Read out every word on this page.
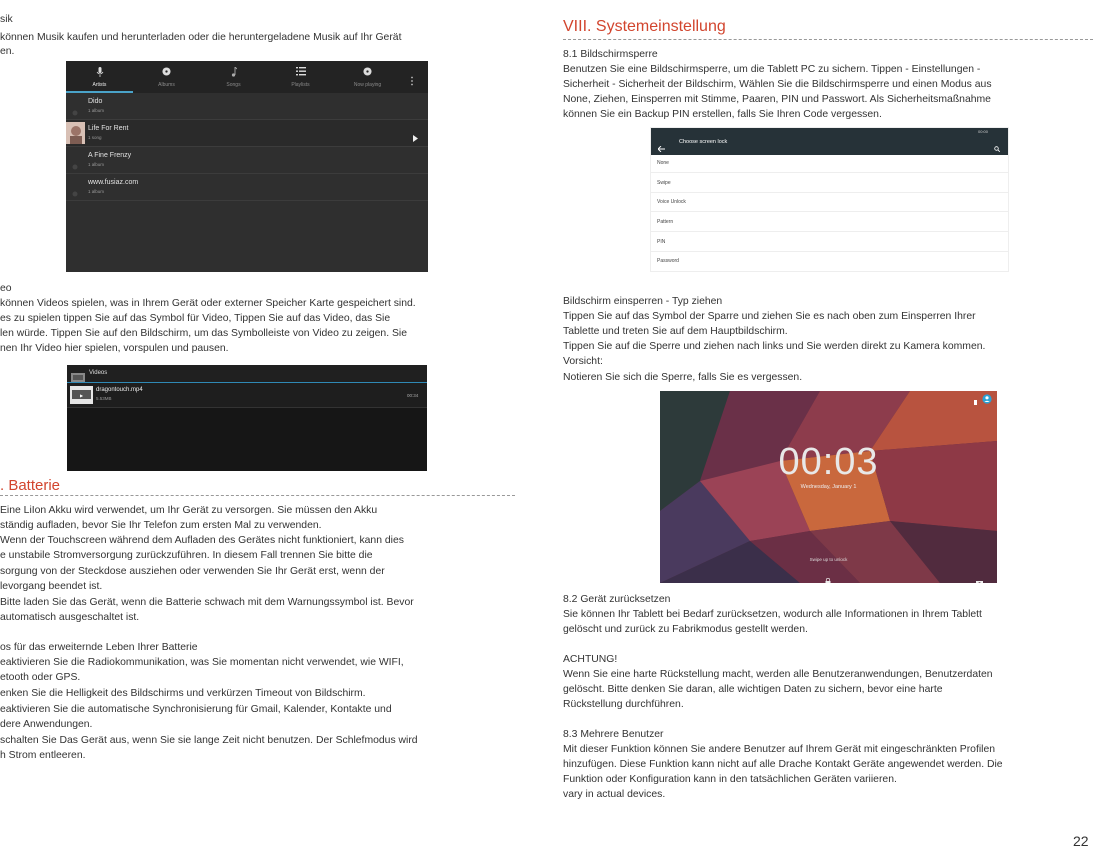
sik
können Musik kaufen und herunterladen oder die heruntergeladene Musik auf Ihr Gerät
en.
Artists	Albums	Songs	Playlists	Now playing
Dido
1 album
Life For Rent
1 song
A Fine Frenzy
1 album
www.fusiaz.com
1 album
eo
können Videos spielen, was in Ihrem Gerät oder externer Speicher Karte gespeichert sind.
es zu spielen tippen Sie auf das Symbol für Video, Tippen Sie auf das Video, das Sie
len würde. Tippen Sie auf den Bildschirm, um das Symbolleiste von Video zu zeigen. Sie
nen Ihr Video hier spielen, vorspulen und pausen.
Videos
▶
dragontouch.mp4
5.53MB
00:34
. Batterie
Eine LiIon Akku wird verwendet, um Ihr Gerät zu versorgen. Sie müssen den Akku
ständig aufladen, bevor Sie Ihr Telefon zum ersten Mal zu verwenden.
Wenn der Touchscreen während dem Aufladen des Gerätes nicht funktioniert, kann dies
e unstabile Stromversorgung zurückzuführen. In diesem Fall trennen Sie bitte die
sorgung von der Steckdose ausziehen oder verwenden Sie Ihr Gerät erst, wenn der
levorgang beendet ist.
Bitte laden Sie das Gerät, wenn die Batterie schwach mit dem Warnungssymbol ist. Bevor
automatisch ausgeschaltet ist.
os für das erweiternde Leben Ihrer Batterie
eaktivieren Sie die Radiokommunikation, was Sie momentan nicht verwendet, wie WIFI,
etooth oder GPS.
enken Sie die Helligkeit des Bildschirms und verkürzen Timeout von Bildschirm.
eaktivieren Sie die automatische Synchronisierung für Gmail, Kalender, Kontakte und
dere Anwendungen.
schalten Sie Das Gerät aus, wenn Sie sie lange Zeit nicht benutzen. Der Schlefmodus wird
h Strom entleeren.
VIII. Systemeinstellung
8.1 Bildschirmsperre
Benutzen Sie eine Bildschirmsperre, um die Tablett PC zu sichern. Tippen - Einstellungen -
Sicherheit - Sicherheit der Bildschirm, Wählen Sie die Bildschirmsperre und einen Modus aus
None, Ziehen, Einsperren mit Stimme, Paaren, PIN und Passwort. Als Sicherheitsmaßnahme
können Sie ein Backup PIN erstellen, falls Sie Ihren Code vergessen.
00:00
Choose screen lock
None
Swipe
Voice Unlock
Pattern
PIN
Password
Bildschirm einsperren - Typ ziehen
Tippen Sie auf das Symbol der Sparre und ziehen Sie es nach oben zum Einsperren Ihrer
Tablette und treten Sie auf dem Hauptbildschirm.
Tippen Sie auf die Sperre und ziehen nach links und Sie werden direkt zu Kamera kommen.
Vorsicht:
Notieren Sie sich die Sperre, falls Sie es vergessen.
00:03
Wednesday, January 1
Swipe up to unlock
8.2 Gerät zurücksetzen
Sie können Ihr Tablett bei Bedarf zurücksetzen, wodurch alle Informationen in Ihrem Tablett
gelöscht und zurück zu Fabrikmodus gestellt werden.
ACHTUNG!
Wenn Sie eine harte Rückstellung macht, werden alle Benutzeranwendungen, Benutzerdaten
gelöscht. Bitte denken Sie daran, alle wichtigen Daten zu sichern, bevor eine harte
Rückstellung durchführen.
8.3 Mehrere Benutzer
Mit dieser Funktion können Sie andere Benutzer auf Ihrem Gerät mit eingeschränkten Profilen
hinzufügen. Diese Funktion kann nicht auf alle Drache Kontakt Geräte angewendet werden. Die
Funktion oder Konfiguration kann in den tatsächlichen Geräten variieren.
vary in actual devices.
22
